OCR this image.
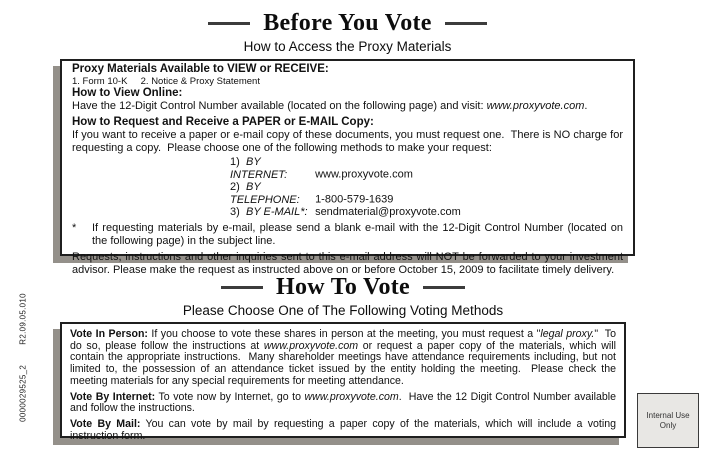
0000029525_2        R2.09.05.010
Before You Vote
How to Access the Proxy Materials
Proxy Materials Available to VIEW or RECEIVE:
1. Form 10-K     2. Notice & Proxy Statement
How to View Online:
Have the 12-Digit Control Number available (located on the following page) and visit: www.proxyvote.com.
How to Request and Receive a PAPER or E-MAIL Copy:
If you want to receive a paper or e-mail copy of these documents, you must request one.  There is NO charge for requesting a copy.  Please choose one of the following methods to make your request:
1) BY INTERNET:	www.proxyvote.com
2) BY TELEPHONE: 1-800-579-1639
3) BY E-MAIL*: sendmaterial@proxyvote.com
*	If requesting materials by e-mail, please send a blank e-mail with the 12-Digit Control Number (located on the following page) in the subject line.
Requests, instructions and other inquiries sent to this e-mail address will NOT be forwarded to your investment advisor. Please make the request as instructed above on or before October 15, 2009 to facilitate timely delivery.
How To Vote
Please Choose One of The Following Voting Methods

Vote In Person: If you choose to vote these shares in person at the meeting, you must request a "legal proxy."  To do so, please follow the instructions at www.proxyvote.com or request a paper copy of the materials, which will contain the appropriate instructions.  Many shareholder meetings have attendance requirements including, but not limited to, the possession of an attendance ticket issued by the entity holding the meeting.  Please check the meeting materials for any special requirements for meeting attendance.

Vote By Internet: To vote now by Internet, go to www.proxyvote.com.  Have the 12 Digit Control Number available and follow the instructions.

Vote By Mail: You can vote by mail by requesting a paper copy of the materials, which will include a voting instruction form.

Internal Use Only
